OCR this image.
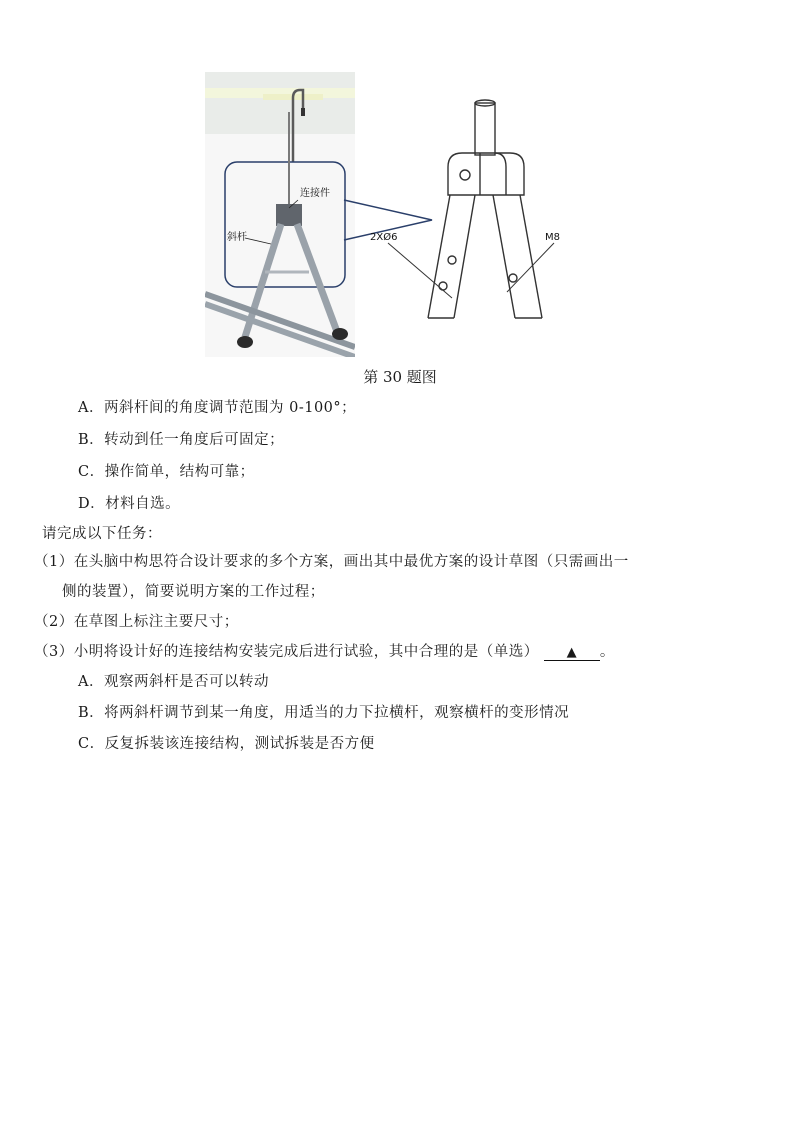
连接件
斜杆	2XØ6	M8
第 30 题图
A．两斜杆间的角度调节范围为 0-100°；
B．转动到任一角度后可固定；
C．操作简单，结构可靠；
D．材料自选。
请完成以下任务：
（1）在头脑中构思符合设计要求的多个方案，画出其中最优方案的设计草图（只需画出一
侧的装置），简要说明方案的工作过程；
（2）在草图上标注主要尺寸；
（3）小明将设计好的连接结构安装完成后进行试验，其中合理的是（单选） ▲ 。
A．观察两斜杆是否可以转动
B．将两斜杆调节到某一角度，用适当的力下拉横杆，观察横杆的变形情况
C．反复拆装该连接结构，测试拆装是否方便
